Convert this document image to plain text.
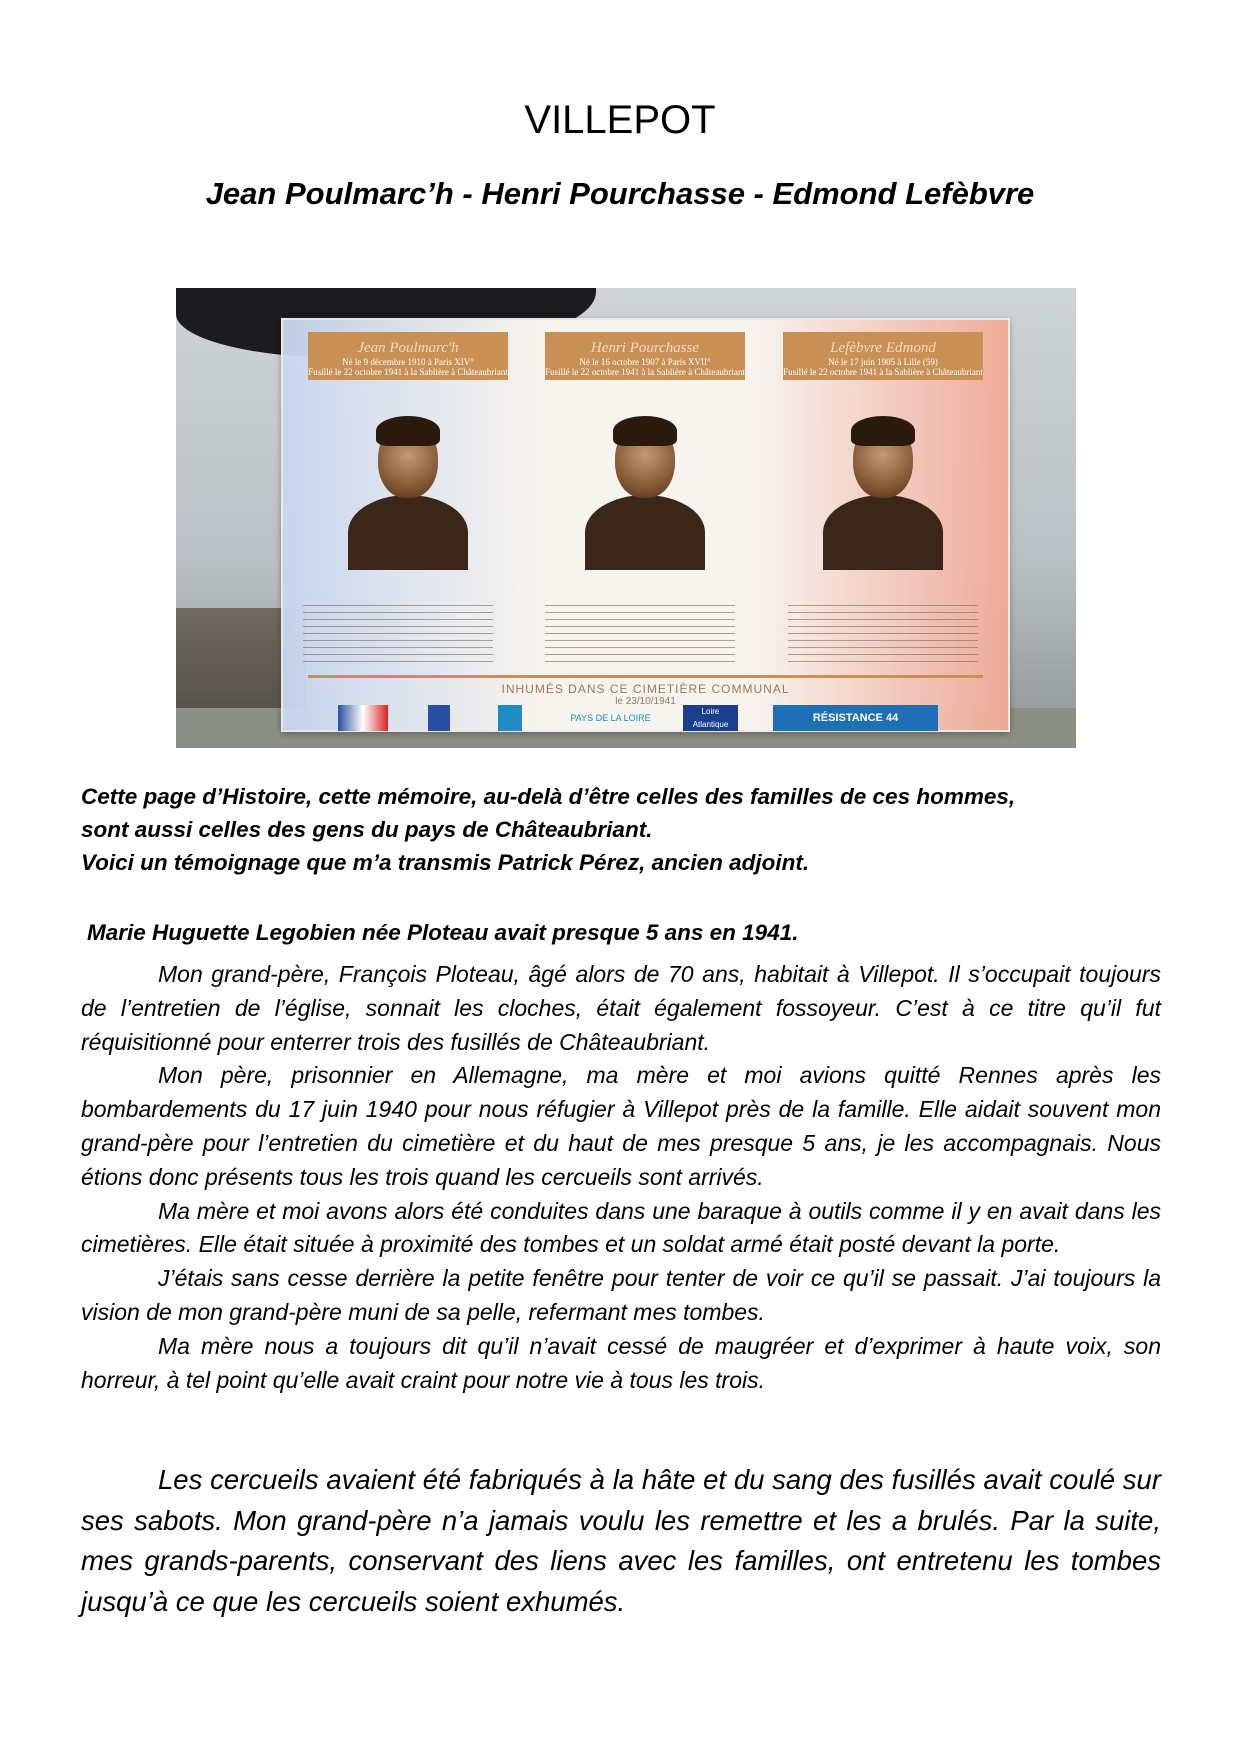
VILLEPOT
Jean Poulmarc’h - Henri Pourchasse - Edmond Lefèbvre
Jean Poulmarc'h
Né le 9 décembre 1910 à Paris XIV°
Fusillé le 22 octobre 1941 à la Sablière à Châteaubriant
Henri Pourchasse
Né le 16 octobre 1907 à Paris XVII°
Fusillé le 22 octobre 1941 à la Sablière à Châteaubriant
Lefèbvre Edmond
Né le 17 juin 1905 à Lille (59)
Fusillé le 22 octobre 1941 à la Sablière à Châteaubriant
INHUMÉS DANS CE CIMETIÈRE COMMUNAL
le 23/10/1941
PAYS DE LA LOIRE
Loire Atlantique
RÉSISTANCE 44
Cette page d’Histoire, cette mémoire, au-delà d’être celles des familles de ces hommes,
sont aussi celles des gens du pays de Châteaubriant.
Voici un témoignage que m’a transmis Patrick Pérez, ancien adjoint.
Marie Huguette Legobien née Ploteau avait presque 5 ans en 1941.

Mon grand-père, François Ploteau, âgé alors de 70 ans, habitait à Villepot. Il s’occupait toujours de l’entretien de l’église, sonnait les cloches, était également fossoyeur. C’est à ce titre qu’il fut réquisitionné pour enterrer trois des fusillés de Châteaubriant.

Mon père, prisonnier en Allemagne, ma mère et moi avions quitté Rennes après les bombardements du 17 juin 1940 pour nous réfugier à Villepot près de la famille. Elle aidait souvent mon grand-père pour l’entretien du cimetière et du haut de mes presque 5 ans, je les accompagnais. Nous étions donc présents tous les trois quand les cercueils sont arrivés.

Ma mère et moi avons alors été conduites dans une baraque à outils comme il y en avait dans les cimetières. Elle était située à proximité des tombes et un soldat armé était posté devant la porte.

J’étais sans cesse derrière la petite fenêtre pour tenter de voir ce qu’il se passait. J’ai toujours la vision de mon grand-père muni de sa pelle, refermant mes tombes.

Ma mère nous a toujours dit qu’il n’avait cessé de maugréer et d’exprimer à haute voix, son horreur, à tel point qu’elle avait craint pour notre vie à tous les trois.

Les cercueils avaient été fabriqués à la hâte et du sang des fusillés avait coulé sur ses sabots. Mon grand-père n’a jamais voulu les remettre et les a brulés. Par la suite, mes grands-parents, conservant des liens avec les familles, ont entretenu les tombes jusqu’à ce que les cercueils soient exhumés.
